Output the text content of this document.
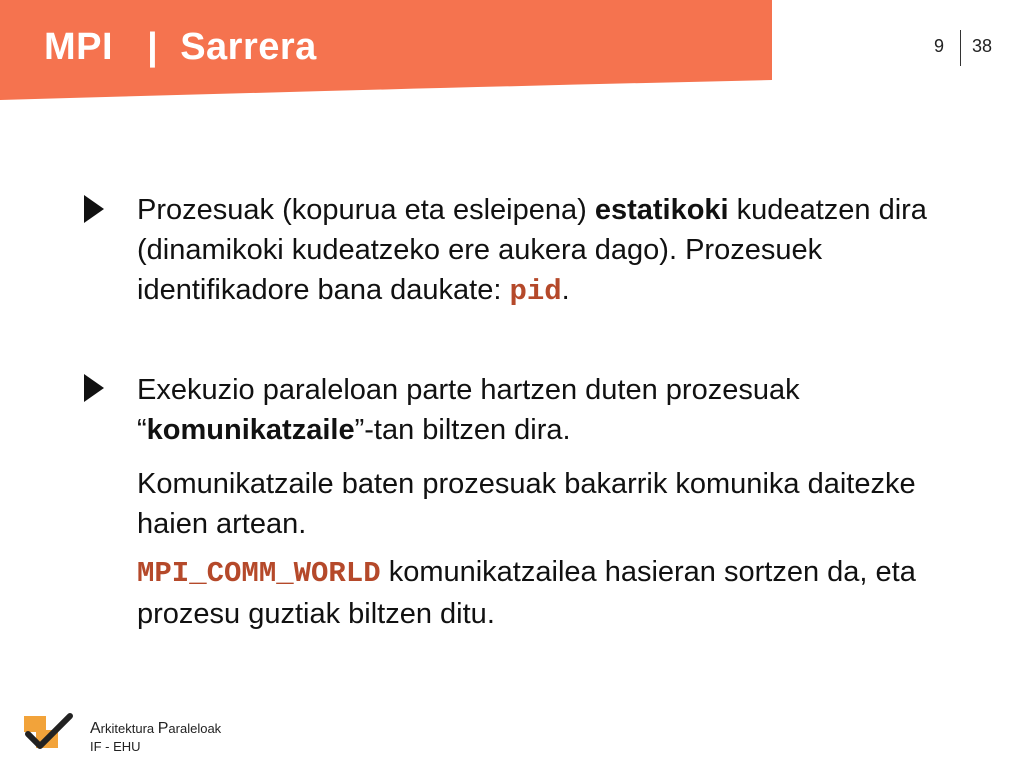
MPI | Sarrera	9 38
Prozesuak (kopurua eta esleipena) estatikoki kudeatzen dira (dinamikoki kudeatzeko ere aukera dago). Prozesuek identifikadore bana daukate: pid.
Exekuzio paraleloan parte hartzen duten prozesuak “komunikatzaile”-tan biltzen dira.
Komunikatzaile baten prozesuak bakarrik komunika daitezke haien artean.
MPI_COMM_WORLD komunikatzailea hasieran sortzen da, eta prozesu guztiak biltzen ditu.
Arkitektura Paraleloak
IF - EHU
